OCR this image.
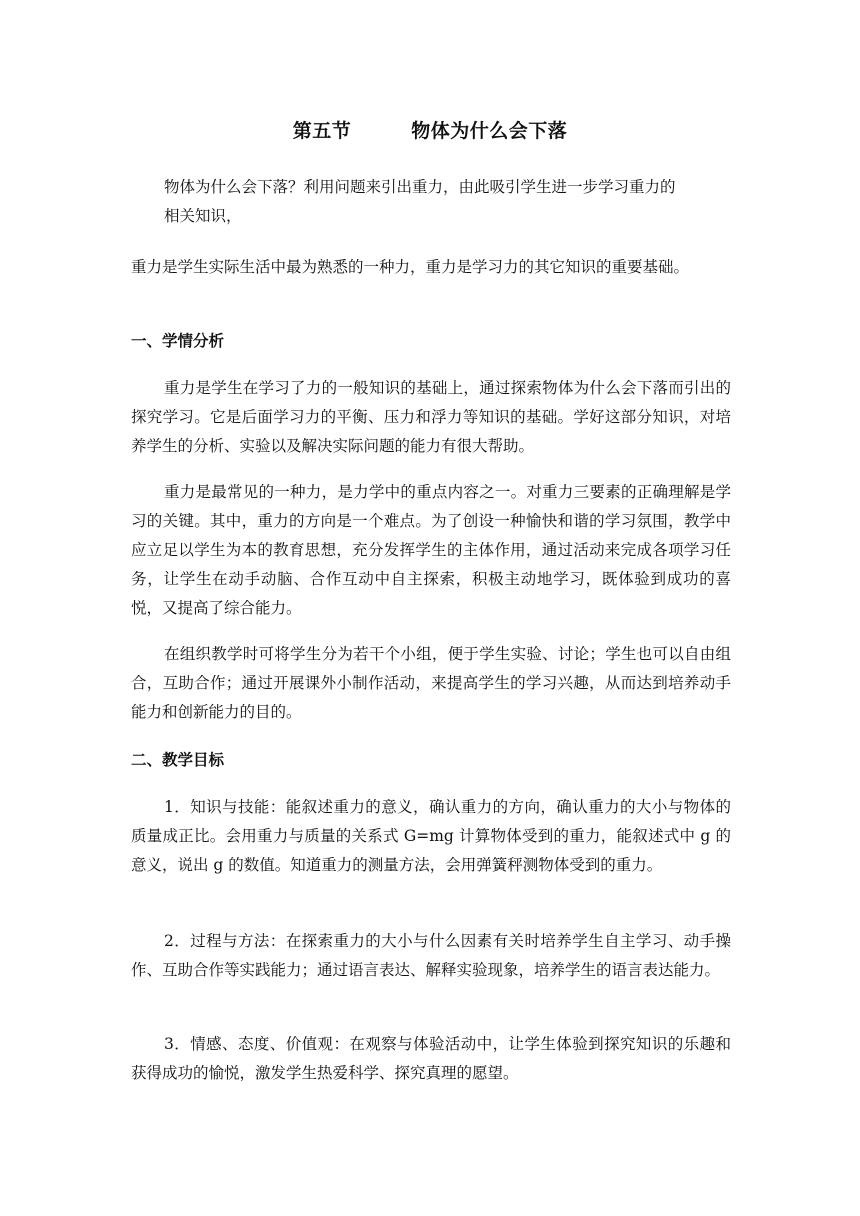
第五节	物体为什么会下落
物体为什么会下落？利用问题来引出重力，由此吸引学生进一步学习重力的
相关知识，
重力是学生实际生活中最为熟悉的一种力，重力是学习力的其它知识的重要基础。
一、学情分析
重力是学生在学习了力的一般知识的基础上，通过探索物体为什么会下落而引出的探究学习。它是后面学习力的平衡、压力和浮力等知识的基础。学好这部分知识，对培养学生的分析、实验以及解决实际问题的能力有很大帮助。
重力是最常见的一种力，是力学中的重点内容之一。对重力三要素的正确理解是学习的关键。其中，重力的方向是一个难点。为了创设一种愉快和谐的学习氛围，教学中应立足以学生为本的教育思想，充分发挥学生的主体作用，通过活动来完成各项学习任务，让学生在动手动脑、合作互动中自主探索，积极主动地学习，既体验到成功的喜悦，又提高了综合能力。
在组织教学时可将学生分为若干个小组，便于学生实验、讨论；学生也可以自由组合，互助合作；通过开展课外小制作活动，来提高学生的学习兴趣，从而达到培养动手能力和创新能力的目的。
二、教学目标
1．知识与技能：能叙述重力的意义，确认重力的方向，确认重力的大小与物体的质量成正比。会用重力与质量的关系式 G=mg 计算物体受到的重力，能叙述式中 g 的意义，说出 g 的数值。知道重力的测量方法，会用弹簧秤测物体受到的重力。
2．过程与方法：在探索重力的大小与什么因素有关时培养学生自主学习、动手操作、互助合作等实践能力；通过语言表达、解释实验现象，培养学生的语言表达能力。
3．情感、态度、价值观：在观察与体验活动中，让学生体验到探究知识的乐趣和获得成功的愉悦，激发学生热爱科学、探究真理的愿望。
